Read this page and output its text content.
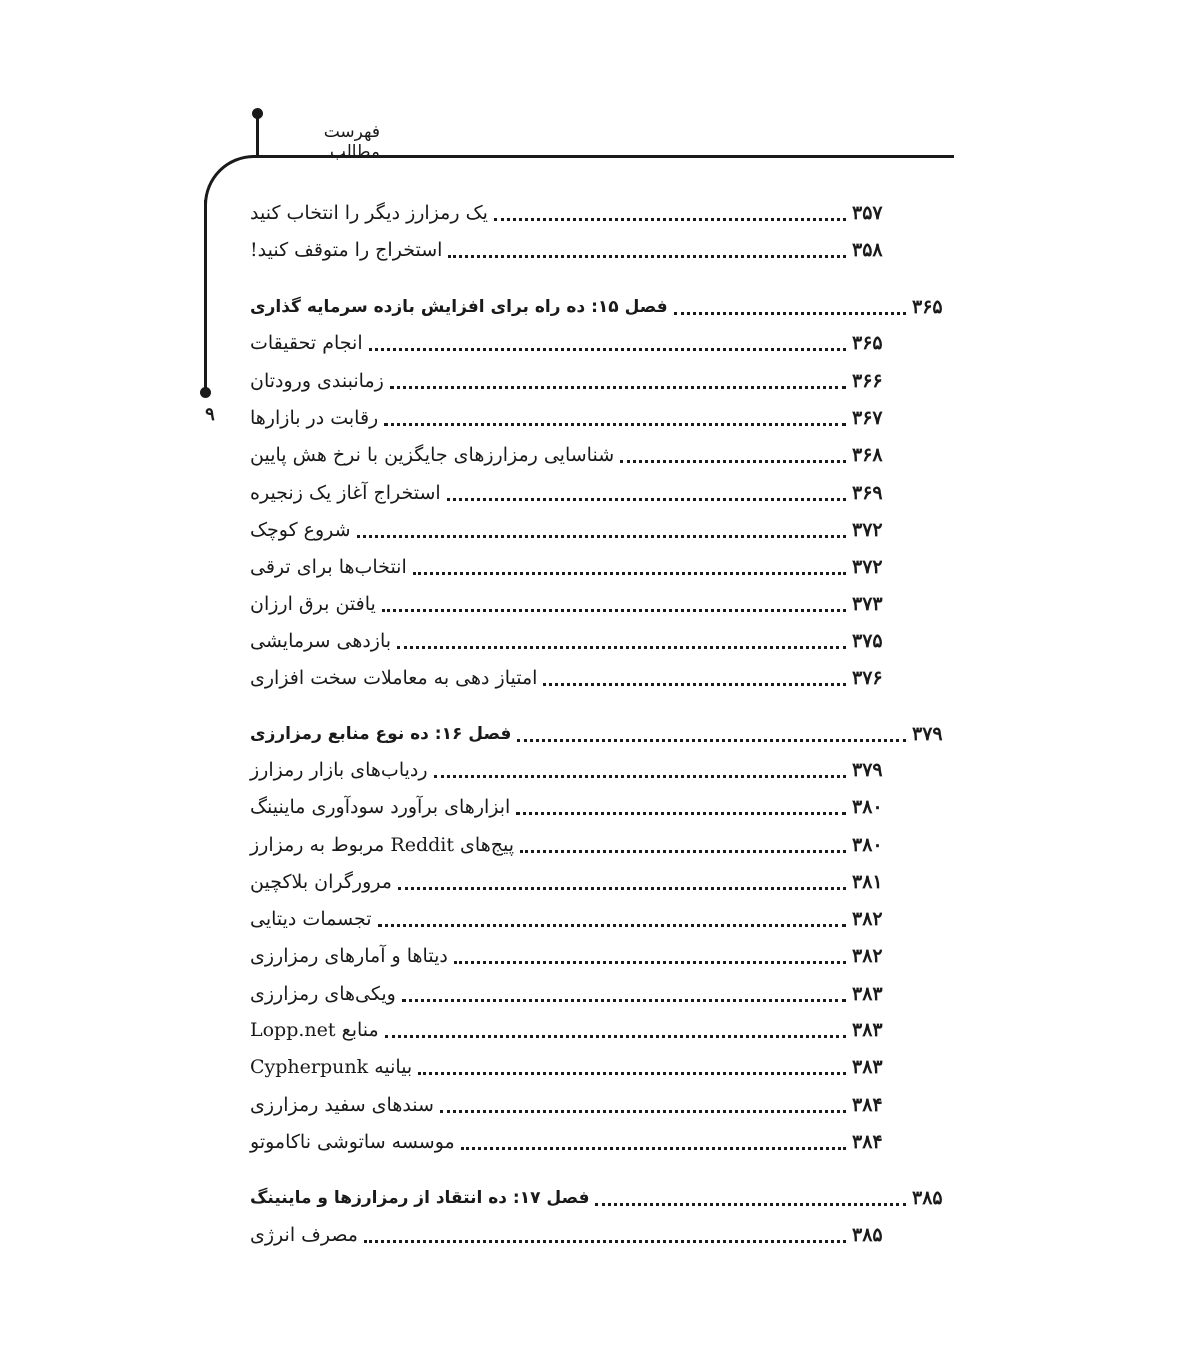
فهرست مطالب
۹
یک رمزارز دیگر را انتخاب کنید	۳۵۷
استخراج را متوقف کنید!	۳۵۸
فصل ۱۵: ده راه برای افزایش بازده سرمایه گذاری	۳۶۵
انجام تحقیقات	۳۶۵
زمانبندی ورودتان	۳۶۶
رقابت در بازارها	۳۶۷
شناسایی رمزارزهای جایگزین با نرخ هش پایین	۳۶۸
استخراج آغاز یک زنجیره	۳۶۹
شروع کوچک	۳۷۲
انتخاب‌ها برای ترقی	۳۷۲
یافتن برق ارزان	۳۷۳
بازدهی سرمایشی	۳۷۵
امتیاز دهی به معاملات سخت افزاری	۳۷۶
فصل ۱۶: ده نوع منابع رمزارزی	۳۷۹
ردیاب‌های بازار رمزارز	۳۷۹
ابزارهای برآورد سودآوری ماینینگ	۳۸۰
پیج‌های Reddit مربوط به رمزارز	۳۸۰
مرورگران بلاکچین	۳۸۱
تجسمات دیتایی	۳۸۲
دیتاها و آمارهای رمزارزی	۳۸۲
ویکی‌های رمزارزی	۳۸۳
منابع Lopp.net	۳۸۳
بیانیه Cypherpunk	۳۸۳
سندهای سفید رمزارزی	۳۸۴
موسسه ساتوشی ناکاموتو	۳۸۴
فصل ۱۷: ده انتقاد از رمزارزها و ماینینگ	۳۸۵
مصرف انرژی	۳۸۵
